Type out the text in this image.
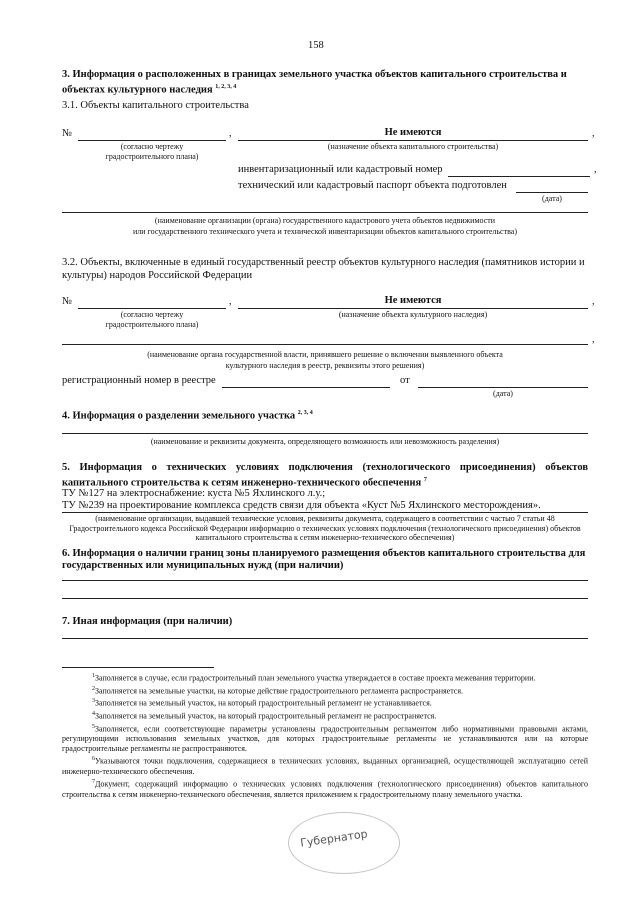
158
3. Информация о расположенных в границах земельного участка объектов капитального строительства и объектах культурного наследия $^{1, 2, 3, 4}$
3.1. Объекты капитального строительства
№	,	Не имеются	,
(согласно чертежу
градостроительного плана)
(назначение объекта капитального строительства)
инвентаризационный или кадастровый номер	,
технический или кадастровый паспорт объекта подготовлен
(дата)
(наименование организации (органа) государственного кадастрового учета объектов недвижимости
или государственного технического учета и технической инвентаризации объектов капитального строительства)
3.2. Объекты, включенные в единый государственный реестр объектов культурного наследия (памятников истории и культуры) народов Российской Федерации
№	,	Не имеются	,
(согласно чертежу
градостроительного плана)
(назначение объекта культурного наследия)
,
(наименование органа государственной власти, принявшего решение о включении выявленного объекта
культурного наследия в реестр, реквизиты этого решения)
регистрационный номер в реестре	от
(дата)
4. Информация о разделении земельного участка $^{2, 3, 4}$
(наименование и реквизиты документа, определяющего возможность или невозможность разделения)
5. Информация о технических условиях подключения (технологического присоединения) объектов капитального строительства к сетям инженерно-технического обеспечения $^7$
ТУ №127 на электроснабжение: куста №5 Яхлинского л.у.;
ТУ №239 на проектирование комплекса средств связи для объекта «Куст №5 Яхлинского месторождения».
(наименование организации, выдавшей технические условия, реквизиты документа, содержащего в соответствии с частью 7 статьи 48 Градостроительного кодекса Российской Федерации информацию о технических условиях подключения (технологического присоединения) объектов капитального строительства к сетям инженерно-технического обеспечения)
6. Информация о наличии границ зоны планируемого размещения объектов капитального строительства для государственных или муниципальных нужд (при наличии)
7. Иная информация (при наличии)
$^1$Заполняется в случае, если градостроительный план земельного участка утверждается в составе проекта межевания территории.
$^2$Заполняется на земельные участки, на которые действие градостроительного регламента распространяется.
$^3$Заполняется на земельный участок, на который градостроительный регламент не устанавливается.
$^4$Заполняется на земельный участок, на который градостроительный регламент не распространяется.
$^5$Заполняется, если соответствующие параметры установлены градостроительным регламентом либо нормативными правовыми актами, регулирующими использования земельных участков, для которых градостроительные регламенты не устанавливаются или на которые градостроительные регламенты не распространяются.
$^6$Указываются точки подключения, содержащиеся в технических условиях, выданных организацией, осуществляющей эксплуатацию сетей инженерно-технического обеспечения.
$^7$Документ, содержащий информацию о технических условиях подключения (технологического присоединения) объектов капитального строительства к сетям инженерно-технического обеспечения, является приложением к градостроительному плану земельного участка.
Губернатор
